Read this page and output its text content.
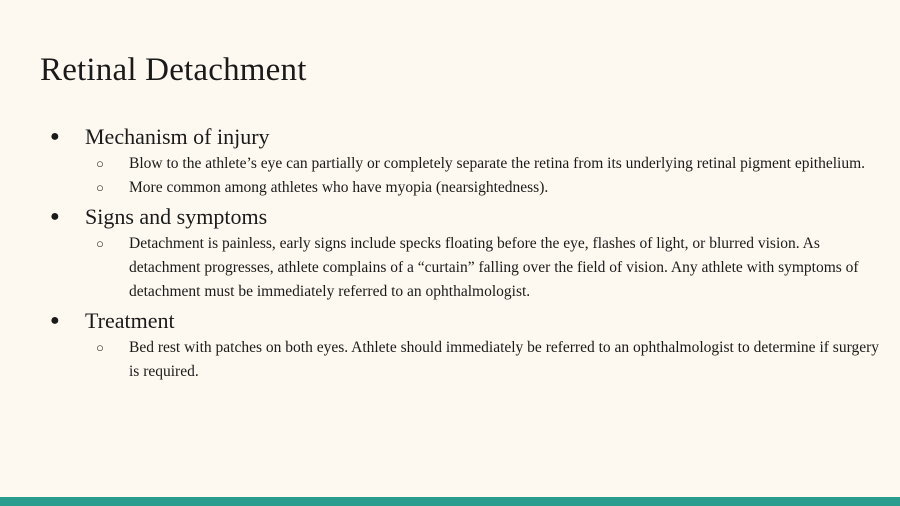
Retinal Detachment
● Mechanism of injury
○ Blow to the athlete’s eye can partially or completely separate the retina from its underlying retinal pigment epithelium.
○ More common among athletes who have myopia (nearsightedness).
● Signs and symptoms
○ Detachment is painless, early signs include specks floating before the eye, flashes of light, or blurred vision. As detachment progresses, athlete complains of a “curtain” falling over the field of vision. Any athlete with symptoms of detachment must be immediately referred to an ophthalmologist.
● Treatment
○ Bed rest with patches on both eyes. Athlete should immediately be referred to an ophthalmologist to determine if surgery is required.
